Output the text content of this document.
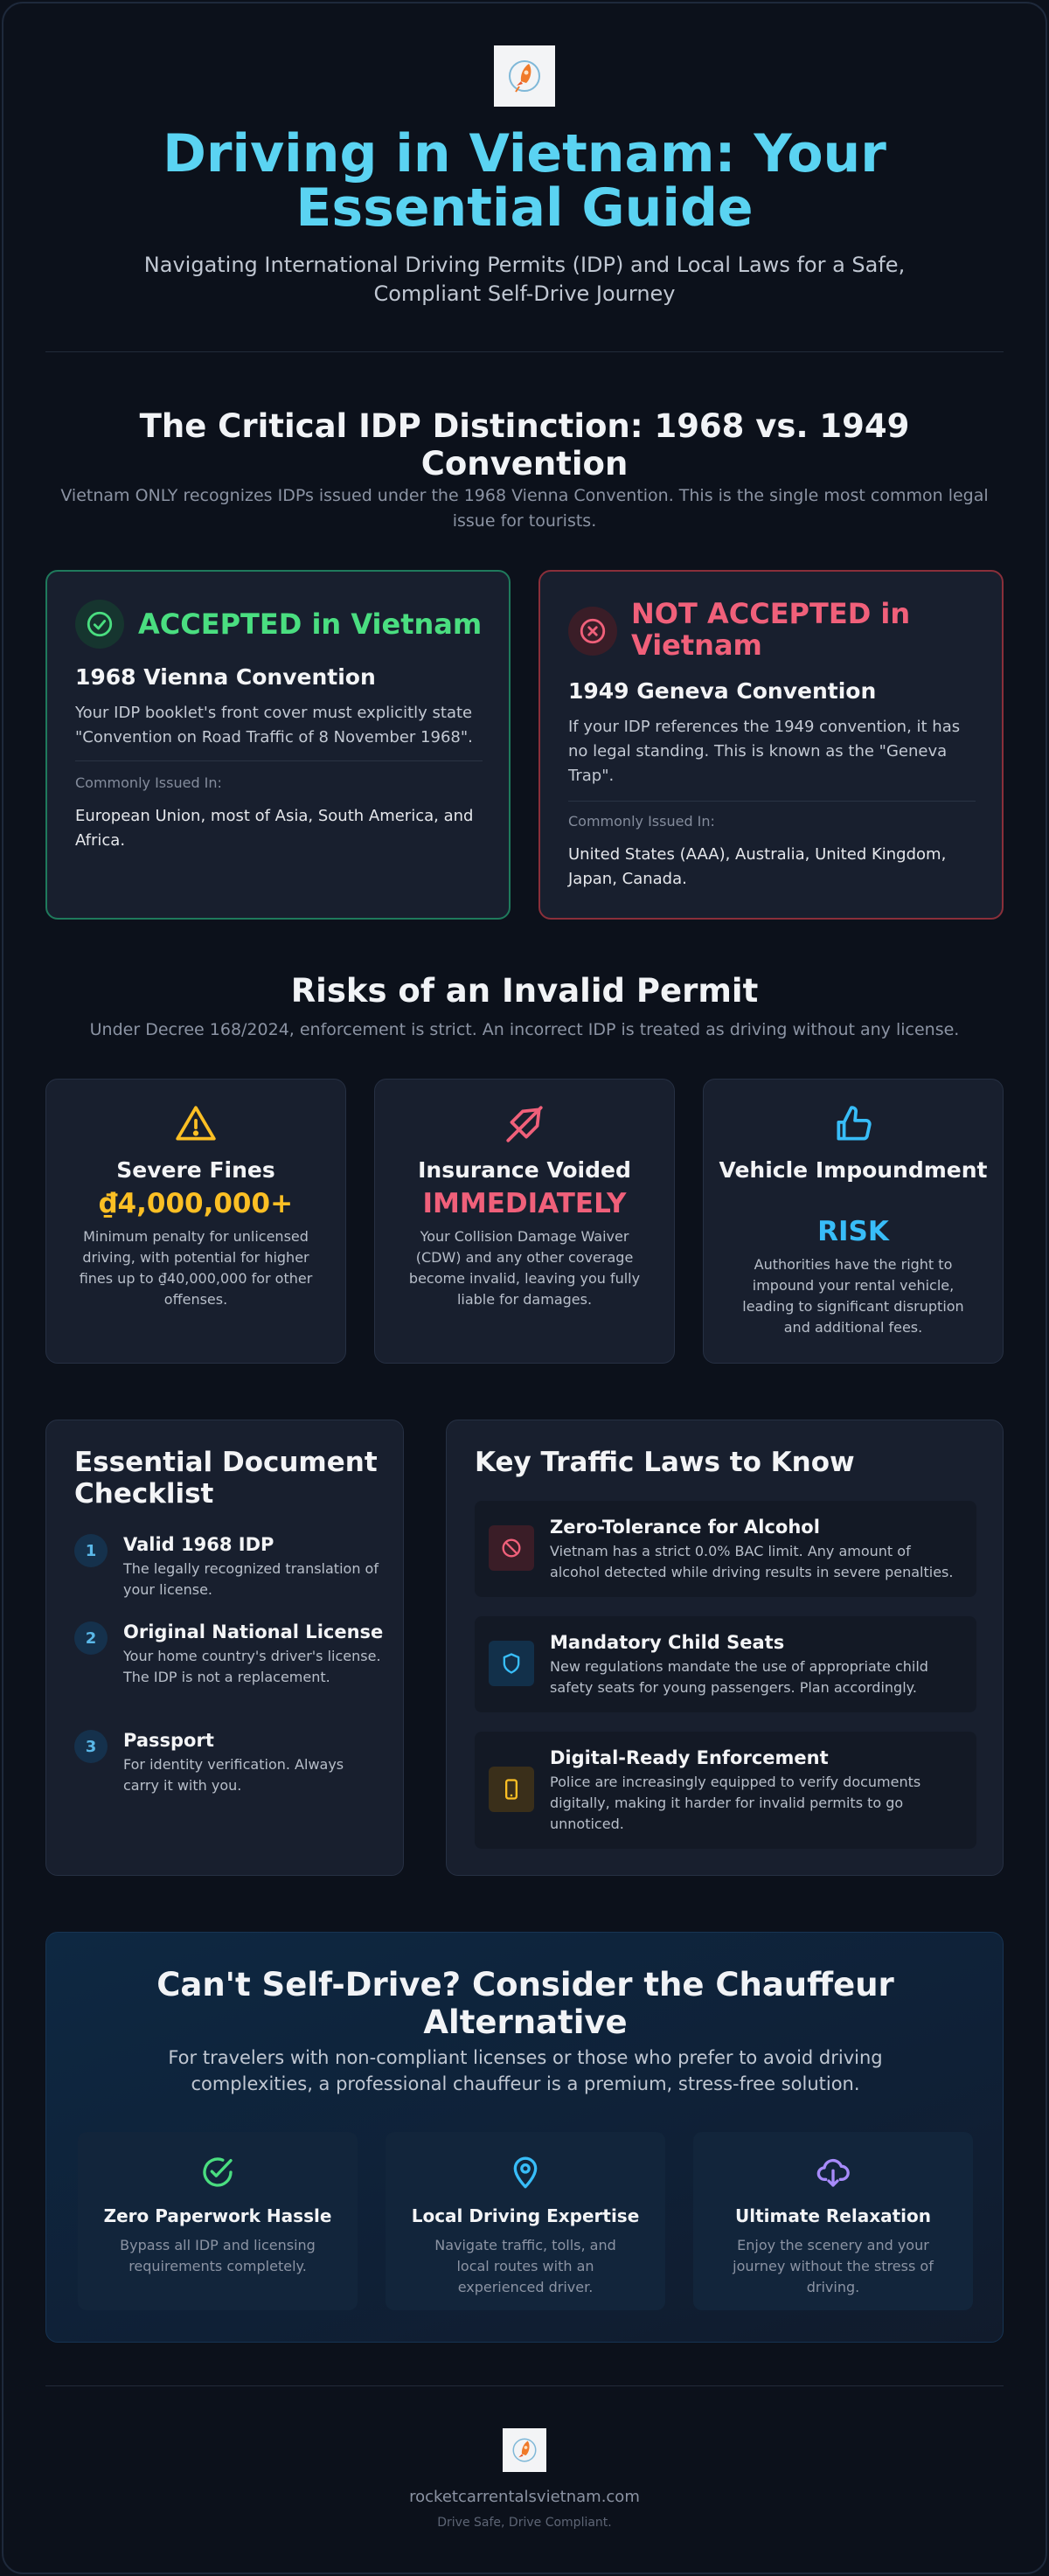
Driving in Vietnam: Your Essential Guide
Navigating International Driving Permits (IDP) and Local Laws for a Safe, Compliant Self-Drive Journey
The Critical IDP Distinction: 1968 vs. 1949 Convention
Vietnam ONLY recognizes IDPs issued under the 1968 Vienna Convention. This is the single most common legal issue for tourists.
ACCEPTED in Vietnam
1968 Vienna Convention
Your IDP booklet's front cover must explicitly state "Convention on Road Traffic of 8 November 1968".
Commonly Issued In:
European Union, most of Asia, South America, and Africa.
NOT ACCEPTED in Vietnam
1949 Geneva Convention
If your IDP references the 1949 convention, it has no legal standing. This is known as the "Geneva Trap".
Commonly Issued In:
United States (AAA), Australia, United Kingdom, Japan, Canada.
Risks of an Invalid Permit
Under Decree 168/2024, enforcement is strict. An incorrect IDP is treated as driving without any license.
Severe Fines
₫4,000,000+
Minimum penalty for unlicensed driving, with potential for higher fines up to ₫40,000,000 for other offenses.
Insurance Voided
IMMEDIATELY
Your Collision Damage Waiver (CDW) and any other coverage become invalid, leaving you fully liable for damages.
Vehicle Impoundment
RISK
Authorities have the right to impound your rental vehicle, leading to significant disruption and additional fees.
Essential Document Checklist
1	Valid 1968 IDP
The legally recognized translation of your license.
2	Original National License
Your home country's driver's license. The IDP is not a replacement.
3	Passport
For identity verification. Always carry it with you.
Key Traffic Laws to Know
Zero-Tolerance for Alcohol
Vietnam has a strict 0.0% BAC limit. Any amount of alcohol detected while driving results in severe penalties.
Mandatory Child Seats
New regulations mandate the use of appropriate child safety seats for young passengers. Plan accordingly.
Digital-Ready Enforcement
Police are increasingly equipped to verify documents digitally, making it harder for invalid permits to go unnoticed.
Can't Self-Drive? Consider the Chauffeur Alternative
For travelers with non-compliant licenses or those who prefer to avoid driving complexities, a professional chauffeur is a premium, stress-free solution.
Zero Paperwork Hassle
Bypass all IDP and licensing requirements completely.
Local Driving Expertise
Navigate traffic, tolls, and local routes with an experienced driver.
Ultimate Relaxation
Enjoy the scenery and your journey without the stress of driving.
rocketcarrentalsvietnam.com
Drive Safe, Drive Compliant.
